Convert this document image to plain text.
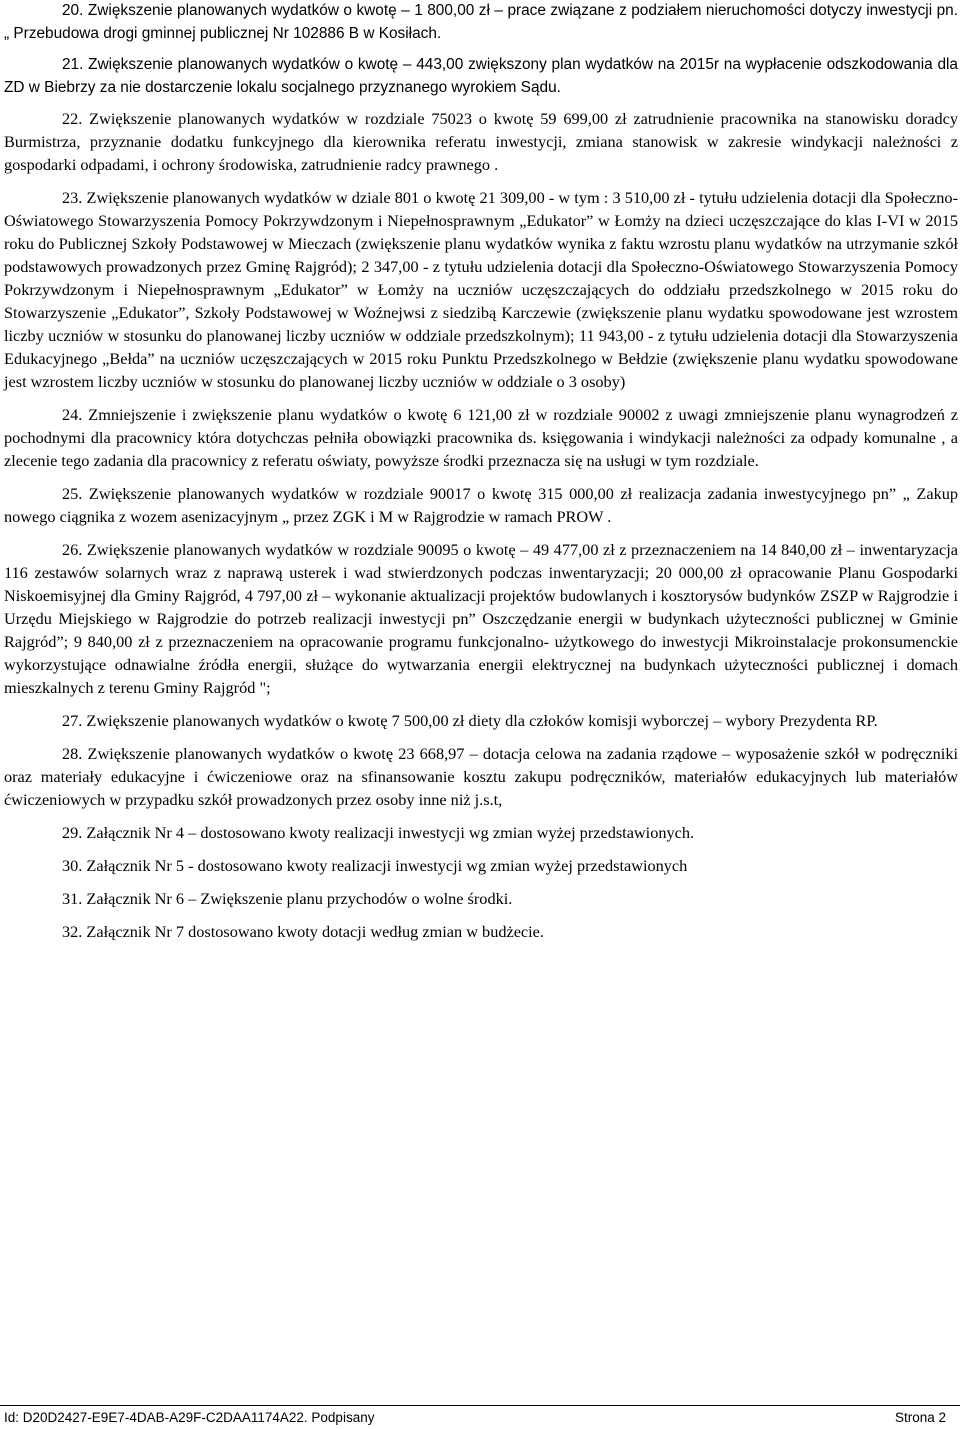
20. Zwiększenie planowanych wydatków o kwotę – 1 800,00 zł – prace związane z podziałem nieruchomości dotyczy inwestycji pn. „ Przebudowa drogi gminnej publicznej Nr 102886 B w Kosiłach.

21. Zwiększenie planowanych wydatków o kwotę – 443,00 zwiększony plan wydatków na 2015r na wypłacenie odszkodowania dla ZD w Biebrzy za nie dostarczenie lokalu socjalnego przyznanego wyrokiem Sądu.

22. Zwiększenie planowanych wydatków w rozdziale 75023 o kwotę 59 699,00 zł zatrudnienie pracownika na stanowisku doradcy Burmistrza, przyznanie dodatku funkcyjnego dla kierownika referatu inwestycji, zmiana stanowisk w zakresie windykacji należności z gospodarki odpadami, i ochrony środowiska, zatrudnienie radcy prawnego .

23. Zwiększenie planowanych wydatków w dziale 801 o kwotę 21 309,00 - w tym : 3 510,00 zł - tytułu udzielenia dotacji dla Społeczno-Oświatowego Stowarzyszenia Pomocy Pokrzywdzonym i Niepełnosprawnym „Edukator” w Łomży na dzieci uczęszczające do klas I-VI w 2015 roku do Publicznej Szkoły Podstawowej w Mieczach (zwiększenie planu wydatków wynika z faktu wzrostu planu wydatków na utrzymanie szkół podstawowych prowadzonych przez Gminę Rajgród); 2 347,00 - z tytułu udzielenia dotacji dla Społeczno-Oświatowego Stowarzyszenia Pomocy Pokrzywdzonym i Niepełnosprawnym „Edukator” w Łomży na uczniów uczęszczających do oddziału przedszkolnego w 2015 roku do Stowarzyszenie „Edukator”, Szkoły Podstawowej w Woźnejwsi z siedzibą Karczewie (zwiększenie planu wydatku spowodowane jest wzrostem liczby uczniów w stosunku do planowanej liczby uczniów w oddziale przedszkolnym); 11 943,00 - z tytułu udzielenia dotacji dla Stowarzyszenia Edukacyjnego „Bełda” na uczniów uczęszczających w 2015 roku Punktu Przedszkolnego w Bełdzie (zwiększenie planu wydatku spowodowane jest wzrostem liczby uczniów w stosunku do planowanej liczby uczniów w oddziale o 3 osoby)

24. Zmniejszenie i zwiększenie planu wydatków o kwotę 6 121,00 zł w rozdziale 90002 z uwagi zmniejszenie planu wynagrodzeń z pochodnymi dla pracownicy która dotychczas pełniła obowiązki pracownika ds. księgowania i windykacji należności za odpady komunalne , a zlecenie tego zadania dla pracownicy z referatu oświaty, powyższe środki przeznacza się na usługi w tym rozdziale.

25. Zwiększenie planowanych wydatków w rozdziale 90017 o kwotę 315 000,00 zł realizacja zadania inwestycyjnego pn” „ Zakup nowego ciągnika z wozem asenizacyjnym „ przez ZGK i M w Rajgrodzie w ramach PROW .

26. Zwiększenie planowanych wydatków w rozdziale 90095 o kwotę – 49 477,00 zł z przeznaczeniem na 14 840,00 zł – inwentaryzacja 116 zestawów solarnych wraz z naprawą usterek i wad stwierdzonych podczas inwentaryzacji; 20 000,00 zł opracowanie Planu Gospodarki Niskoemisyjnej dla Gminy Rajgród, 4 797,00 zł – wykonanie aktualizacji projektów budowlanych i kosztorysów budynków ZSZP w Rajgrodzie i Urzędu Miejskiego w Rajgrodzie do potrzeb realizacji inwestycji pn” Oszczędzanie energii w budynkach użyteczności publicznej w Gminie Rajgród”; 9 840,00 zł z przeznaczeniem na opracowanie programu funkcjonalno- użytkowego do inwestycji Mikroinstalacje prokonsumenckie wykorzystujące odnawialne źródła energii, służące do wytwarzania energii elektrycznej na budynkach użyteczności publicznej i domach mieszkalnych z terenu Gminy Rajgród ";

27. Zwiększenie planowanych wydatków o kwotę 7 500,00 zł diety dla człoków komisji wyborczej – wybory Prezydenta RP.

28. Zwiększenie planowanych wydatków o kwotę 23 668,97 – dotacja celowa na zadania rządowe – wyposażenie szkół w podręczniki oraz materiały edukacyjne i ćwiczeniowe oraz na sfinansowanie kosztu zakupu podręczników, materiałów edukacyjnych lub materiałów ćwiczeniowych w przypadku szkół prowadzonych przez osoby inne niż j.s.t,

29. Załącznik Nr 4 – dostosowano kwoty realizacji inwestycji wg zmian wyżej przedstawionych.

30. Załącznik Nr 5 - dostosowano kwoty realizacji inwestycji wg zmian wyżej przedstawionych

31. Załącznik Nr 6 – Zwiększenie planu przychodów o wolne środki.

32. Załącznik Nr 7 dostosowano kwoty dotacji według zmian w budżecie.

Id: D20D2427-E9E7-4DAB-A29F-C2DAA1174A22. Podpisany	Strona 2
